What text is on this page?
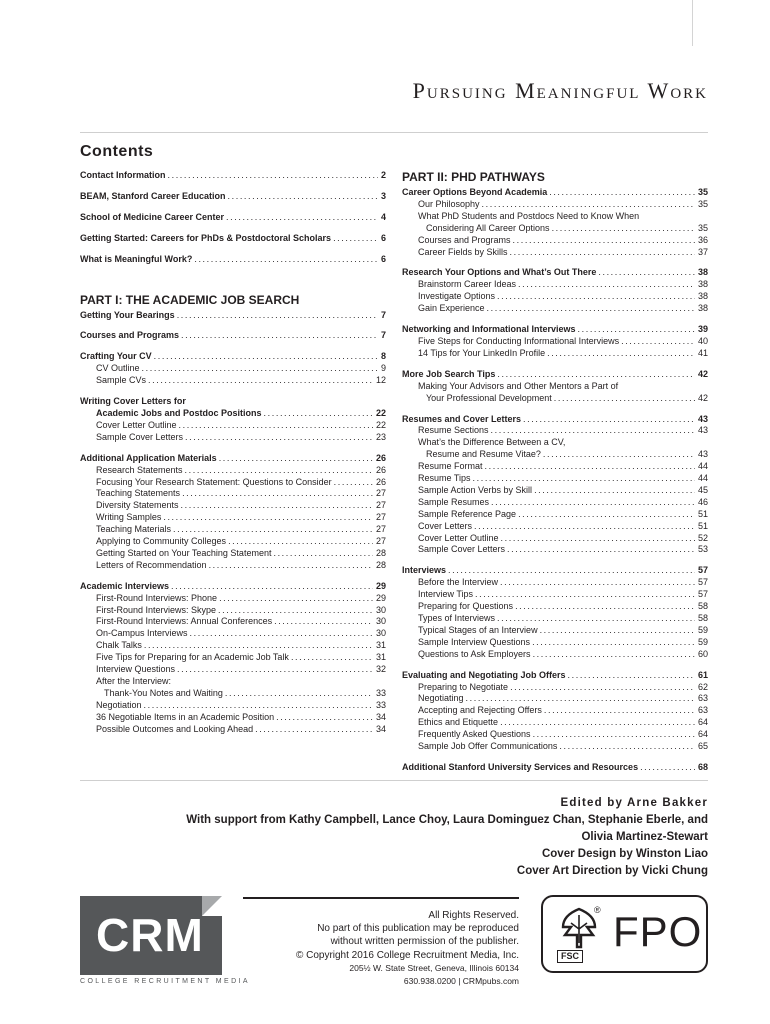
Pursuing Meaningful Work
Contents
Contact Information .....	2
BEAM, Stanford Career Education .....	3
School of Medicine Career Center .....	4
Getting Started: Careers for PhDs & Postdoctoral Scholars .....	6
What is Meaningful Work? .....	6
PART I: THE ACADEMIC JOB SEARCH
Getting Your Bearings .....	7
Courses and Programs .....	7
Crafting Your CV .....	8
CV Outline .....	9
Sample CVs .....	12
Writing Cover Letters for
Academic Jobs and Postdoc Positions .....	22
Cover Letter Outline .....	22
Sample Cover Letters .....	23
Additional Application Materials .....	26
Research Statements .....	26
Focusing Your Research Statement: Questions to Consider .....	26
Teaching Statements .....	27
Diversity Statements .....	27
Writing Samples .....	27
Teaching Materials .....	27
Applying to Community Colleges .....	27
Getting Started on Your Teaching Statement .....	28
Letters of Recommendation .....	28
Academic Interviews .....	29
First-Round Interviews: Phone .....	29
First-Round Interviews: Skype .....	30
First-Round Interviews: Annual Conferences .....	30
On-Campus Interviews .....	30
Chalk Talks .....	31
Five Tips for Preparing for an Academic Job Talk .....	31
Interview Questions .....	32
After the Interview:
Thank-You Notes and Waiting .....	33
Negotiation .....	33
36 Negotiable Items in an Academic Position .....	34
Possible Outcomes and Looking Ahead .....	34
PART II: PHD PATHWAYS
Career Options Beyond Academia .....	35
Our Philosophy .....	35
What PhD Students and Postdocs Need to Know When
Considering All Career Options .....	35
Courses and Programs .....	36
Career Fields by Skills .....	37
Research Your Options and What’s Out There .....	38
Brainstorm Career Ideas .....	38
Investigate Options .....	38
Gain Experience .....	38
Networking and Informational Interviews .....	39
Five Steps for Conducting Informational Interviews .....	40
14 Tips for Your LinkedIn Profile .....	41
More Job Search Tips .....	42
Making Your Advisors and Other Mentors a Part of
Your Professional Development .....	42
Resumes and Cover Letters .....	43
Resume Sections .....	43
What’s the Difference Between a CV,
Resume and Resume Vitae? .....	43
Resume Format .....	44
Resume Tips .....	44
Sample Action Verbs by Skill .....	45
Sample Resumes .....	46
Sample Reference Page .....	51
Cover Letters .....	51
Cover Letter Outline .....	52
Sample Cover Letters .....	53
Interviews .....	57
Before the Interview .....	57
Interview Tips .....	57
Preparing for Questions .....	58
Types of Interviews .....	58
Typical Stages of an Interview .....	59
Sample Interview Questions .....	59
Questions to Ask Employers .....	60
Evaluating and Negotiating Job Offers .....	61
Preparing to Negotiate .....	62
Negotiating .....	63
Accepting and Rejecting Offers .....	63
Ethics and Etiquette .....	64
Frequently Asked Questions .....	64
Sample Job Offer Communications .....	65
Additional Stanford University Services and Resources .....	68
Edited by Arne Bakker
With support from Kathy Campbell, Lance Choy, Laura Dominguez Chan, Stephanie Eberle, and
Olivia Martinez-Stewart
Cover Design by Winston Liao
Cover Art Direction by Vicki Chung
CRM
COLLEGE RECRUITMENT MEDIA
All Rights Reserved.
No part of this publication may be reproduced
without written permission of the publisher.
© Copyright 2016 College Recruitment Media, Inc.
205½ W. State Street, Geneva, Illinois 60134
630.938.0200 | CRMpubs.com
®
FSC
FPO
